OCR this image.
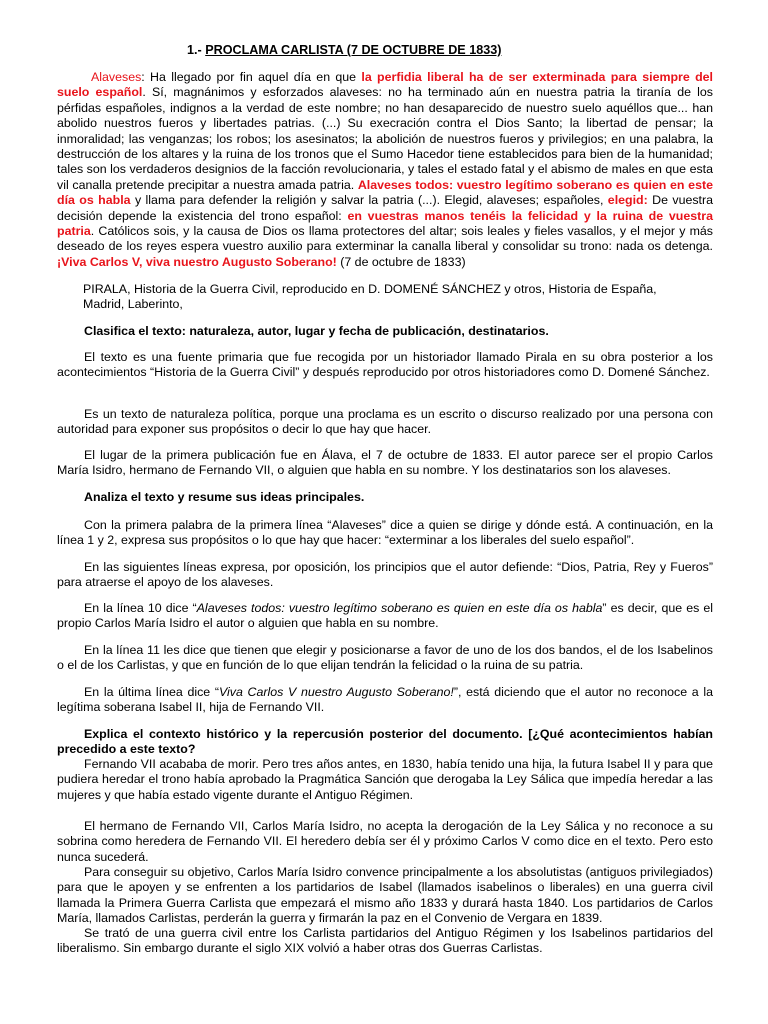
1.- PROCLAMA CARLISTA (7 DE OCTUBRE DE 1833)

Alaveses: Ha llegado por fin aquel día en que la perfidia liberal ha de ser exterminada para siempre del suelo español. Sí, magnánimos y esforzados alaveses: no ha terminado aún en nuestra patria la tiranía de los pérfidas españoles, indignos a la verdad de este nombre; no han desaparecido de nuestro suelo aquéllos que... han abolido nuestros fueros y libertades patrias. (...) Su execración contra el Dios Santo; la libertad de pensar; la inmoralidad; las venganzas; los robos; los asesinatos; la abolición de nuestros fueros y privilegios; en una palabra, la destrucción de los altares y la ruina de los tronos que el Sumo Hacedor tiene establecidos para bien de la humanidad; tales son los verdaderos designios de la facción revolucionaria, y tales el estado fatal y el abismo de males en que esta vil canalla pretende precipitar a nuestra amada patria. Alaveses todos: vuestro legítimo soberano es quien en este día os habla y llama para defender la religión y salvar la patria (...). Elegid, alaveses; españoles, elegid: De vuestra decisión depende la existencia del trono español: en vuestras manos tenéis la felicidad y la ruina de vuestra patria. Católicos sois, y la causa de Dios os llama protectores del altar; sois leales y fieles vasallos, y el mejor y más deseado de los reyes espera vuestro auxilio para exterminar la canalla liberal y consolidar su trono: nada os detenga. ¡Viva Carlos V, viva nuestro Augusto Soberano! (7 de octubre de 1833)

PIRALA, Historia de la Guerra Civil, reproducido en D. DOMENÉ SÁNCHEZ y otros, Historia de España, Madrid, Laberinto,

Clasifica el texto: naturaleza, autor, lugar y fecha de publicación, destinatarios.

El texto es una fuente primaria que fue recogida por un historiador llamado Pirala en su obra posterior a los acontecimientos “Historia de la Guerra Civil” y después reproducido por otros historiadores como D. Domené Sánchez.

Es un texto de naturaleza política, porque una proclama es un escrito o discurso realizado por una persona con autoridad para exponer sus propósitos o decir lo que hay que hacer.

El lugar de la primera publicación fue en Álava, el 7 de octubre de 1833. El autor parece ser el propio Carlos María Isidro, hermano de Fernando VII, o alguien que habla en su nombre. Y los destinatarios son los alaveses.

Analiza el texto y resume sus ideas principales.

Con la primera palabra de la primera línea “Alaveses” dice a quien se dirige y dónde está. A continuación, en la línea 1 y 2, expresa sus propósitos o lo que hay que hacer: “exterminar a los liberales del suelo español”.

En las siguientes líneas expresa, por oposición, los principios que el autor defiende: “Dios, Patria, Rey y Fueros” para atraerse el apoyo de los alaveses.

En la línea 10 dice “Alaveses todos: vuestro legítimo soberano es quien en este día os habla” es decir, que es el propio Carlos María Isidro el autor o alguien que habla en su nombre.

En la línea 11 les dice que tienen que elegir y posicionarse a favor de uno de los dos bandos, el de los Isabelinos o el de los Carlistas, y que en función de lo que elijan tendrán la felicidad o la ruina de su patria.

En la última línea dice “Viva Carlos V nuestro Augusto Soberano!”, está diciendo que el autor no reconoce a la legítima soberana Isabel II, hija de Fernando VII.

Explica el contexto histórico y la repercusión posterior del documento. [¿Qué acontecimientos habían precedido a este texto?

Fernando VII acababa de morir. Pero tres años antes, en 1830, había tenido una hija, la futura Isabel II y para que pudiera heredar el trono había aprobado la Pragmática Sanción que derogaba la Ley Sálica que impedía heredar a las mujeres y que había estado vigente durante el Antiguo Régimen.

El hermano de Fernando VII, Carlos María Isidro, no acepta la derogación de la Ley Sálica y no reconoce a su sobrina como heredera de Fernando VII. El heredero debía ser él y próximo Carlos V como dice en el texto. Pero esto nunca sucederá.

Para conseguir su objetivo, Carlos María Isidro convence principalmente a los absolutistas (antiguos privilegiados) para que le apoyen y se enfrenten a los partidarios de Isabel (llamados isabelinos o liberales) en una guerra civil llamada la Primera Guerra Carlista que empezará el mismo año 1833 y durará hasta 1840. Los partidarios de Carlos María, llamados Carlistas, perderán la guerra y firmarán la paz en el Convenio de Vergara en 1839.

Se trató de una guerra civil entre los Carlista partidarios del Antiguo Régimen y los Isabelinos partidarios del liberalismo. Sin embargo durante el siglo XIX volvió a haber otras dos Guerras Carlistas.
